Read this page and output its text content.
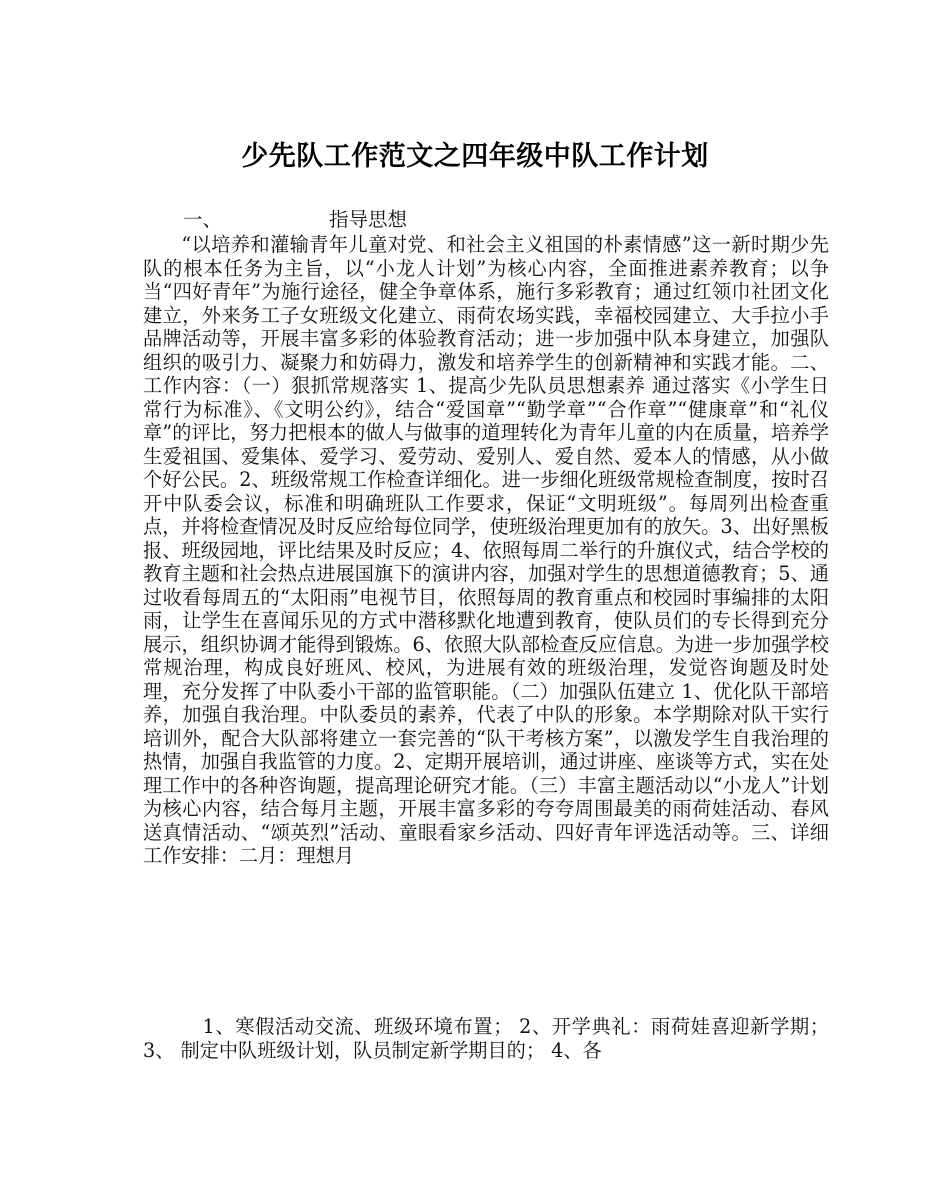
少先队工作范文之四年级中队工作计划
一、	指导思想

“以培养和灌输青年儿童对党、和社会主义祖国的朴素情感”这一新时期少先队的根本任务为主旨，以“小龙人计划”为核心内容，全面推进素养教育；以争当“四好青年”为施行途径，健全争章体系，施行多彩教育；通过红领巾社团文化建立，外来务工子女班级文化建立、雨荷农场实践，幸福校园建立、大手拉小手品牌活动等，开展丰富多彩的体验教育活动；进一步加强中队本身建立，加强队组织的吸引力、凝聚力和妨碍力，激发和培养学生的创新精神和实践才能。二、工作内容：（一）狠抓常规落实 1、提高少先队员思想素养 通过落实《小学生日常行为标准》、《文明公约》，结合“爱国章”“勤学章”“合作章”“健康章”和“礼仪章”的评比，努力把根本的做人与做事的道理转化为青年儿童的内在质量，培养学生爱祖国、爱集体、爱学习、爱劳动、爱别人、爱自然、爱本人的情感，从小做个好公民。2、班级常规工作检查详细化。进一步细化班级常规检查制度，按时召开中队委会议，标准和明确班队工作要求，保证“文明班级”。每周列出检查重点，并将检查情况及时反应给每位同学，使班级治理更加有的放矢。3、出好黑板报、班级园地，评比结果及时反应；4、依照每周二举行的升旗仪式，结合学校的教育主题和社会热点进展国旗下的演讲内容，加强对学生的思想道德教育；5、通过收看每周五的“太阳雨”电视节目，依照每周的教育重点和校园时事编排的太阳雨，让学生在喜闻乐见的方式中潜移默化地遭到教育，使队员们的专长得到充分展示，组织协调才能得到锻炼。6、依照大队部检查反应信息。为进一步加强学校常规治理，构成良好班风、校风，为进展有效的班级治理，发觉咨询题及时处理，充分发挥了中队委小干部的监管职能。（二）加强队伍建立 1、优化队干部培养，加强自我治理。中队委员的素养，代表了中队的形象。本学期除对队干实行培训外，配合大队部将建立一套完善的“队干考核方案”，以激发学生自我治理的热情，加强自我监管的力度。2、定期开展培训，通过讲座、座谈等方式，实在处理工作中的各种咨询题，提高理论研究才能。（三）丰富主题活动以“小龙人”计划为核心内容，结合每月主题，开展丰富多彩的夸夸周围最美的雨荷娃活动、春风送真情活动、“颂英烈”活动、童眼看家乡活动、四好青年评选活动等。三、详细工作安排：二月：理想月

1、寒假活动交流、班级环境布置； 2、开学典礼：雨荷娃喜迎新学期；3、 制定中队班级计划，队员制定新学期目的； 4、各
